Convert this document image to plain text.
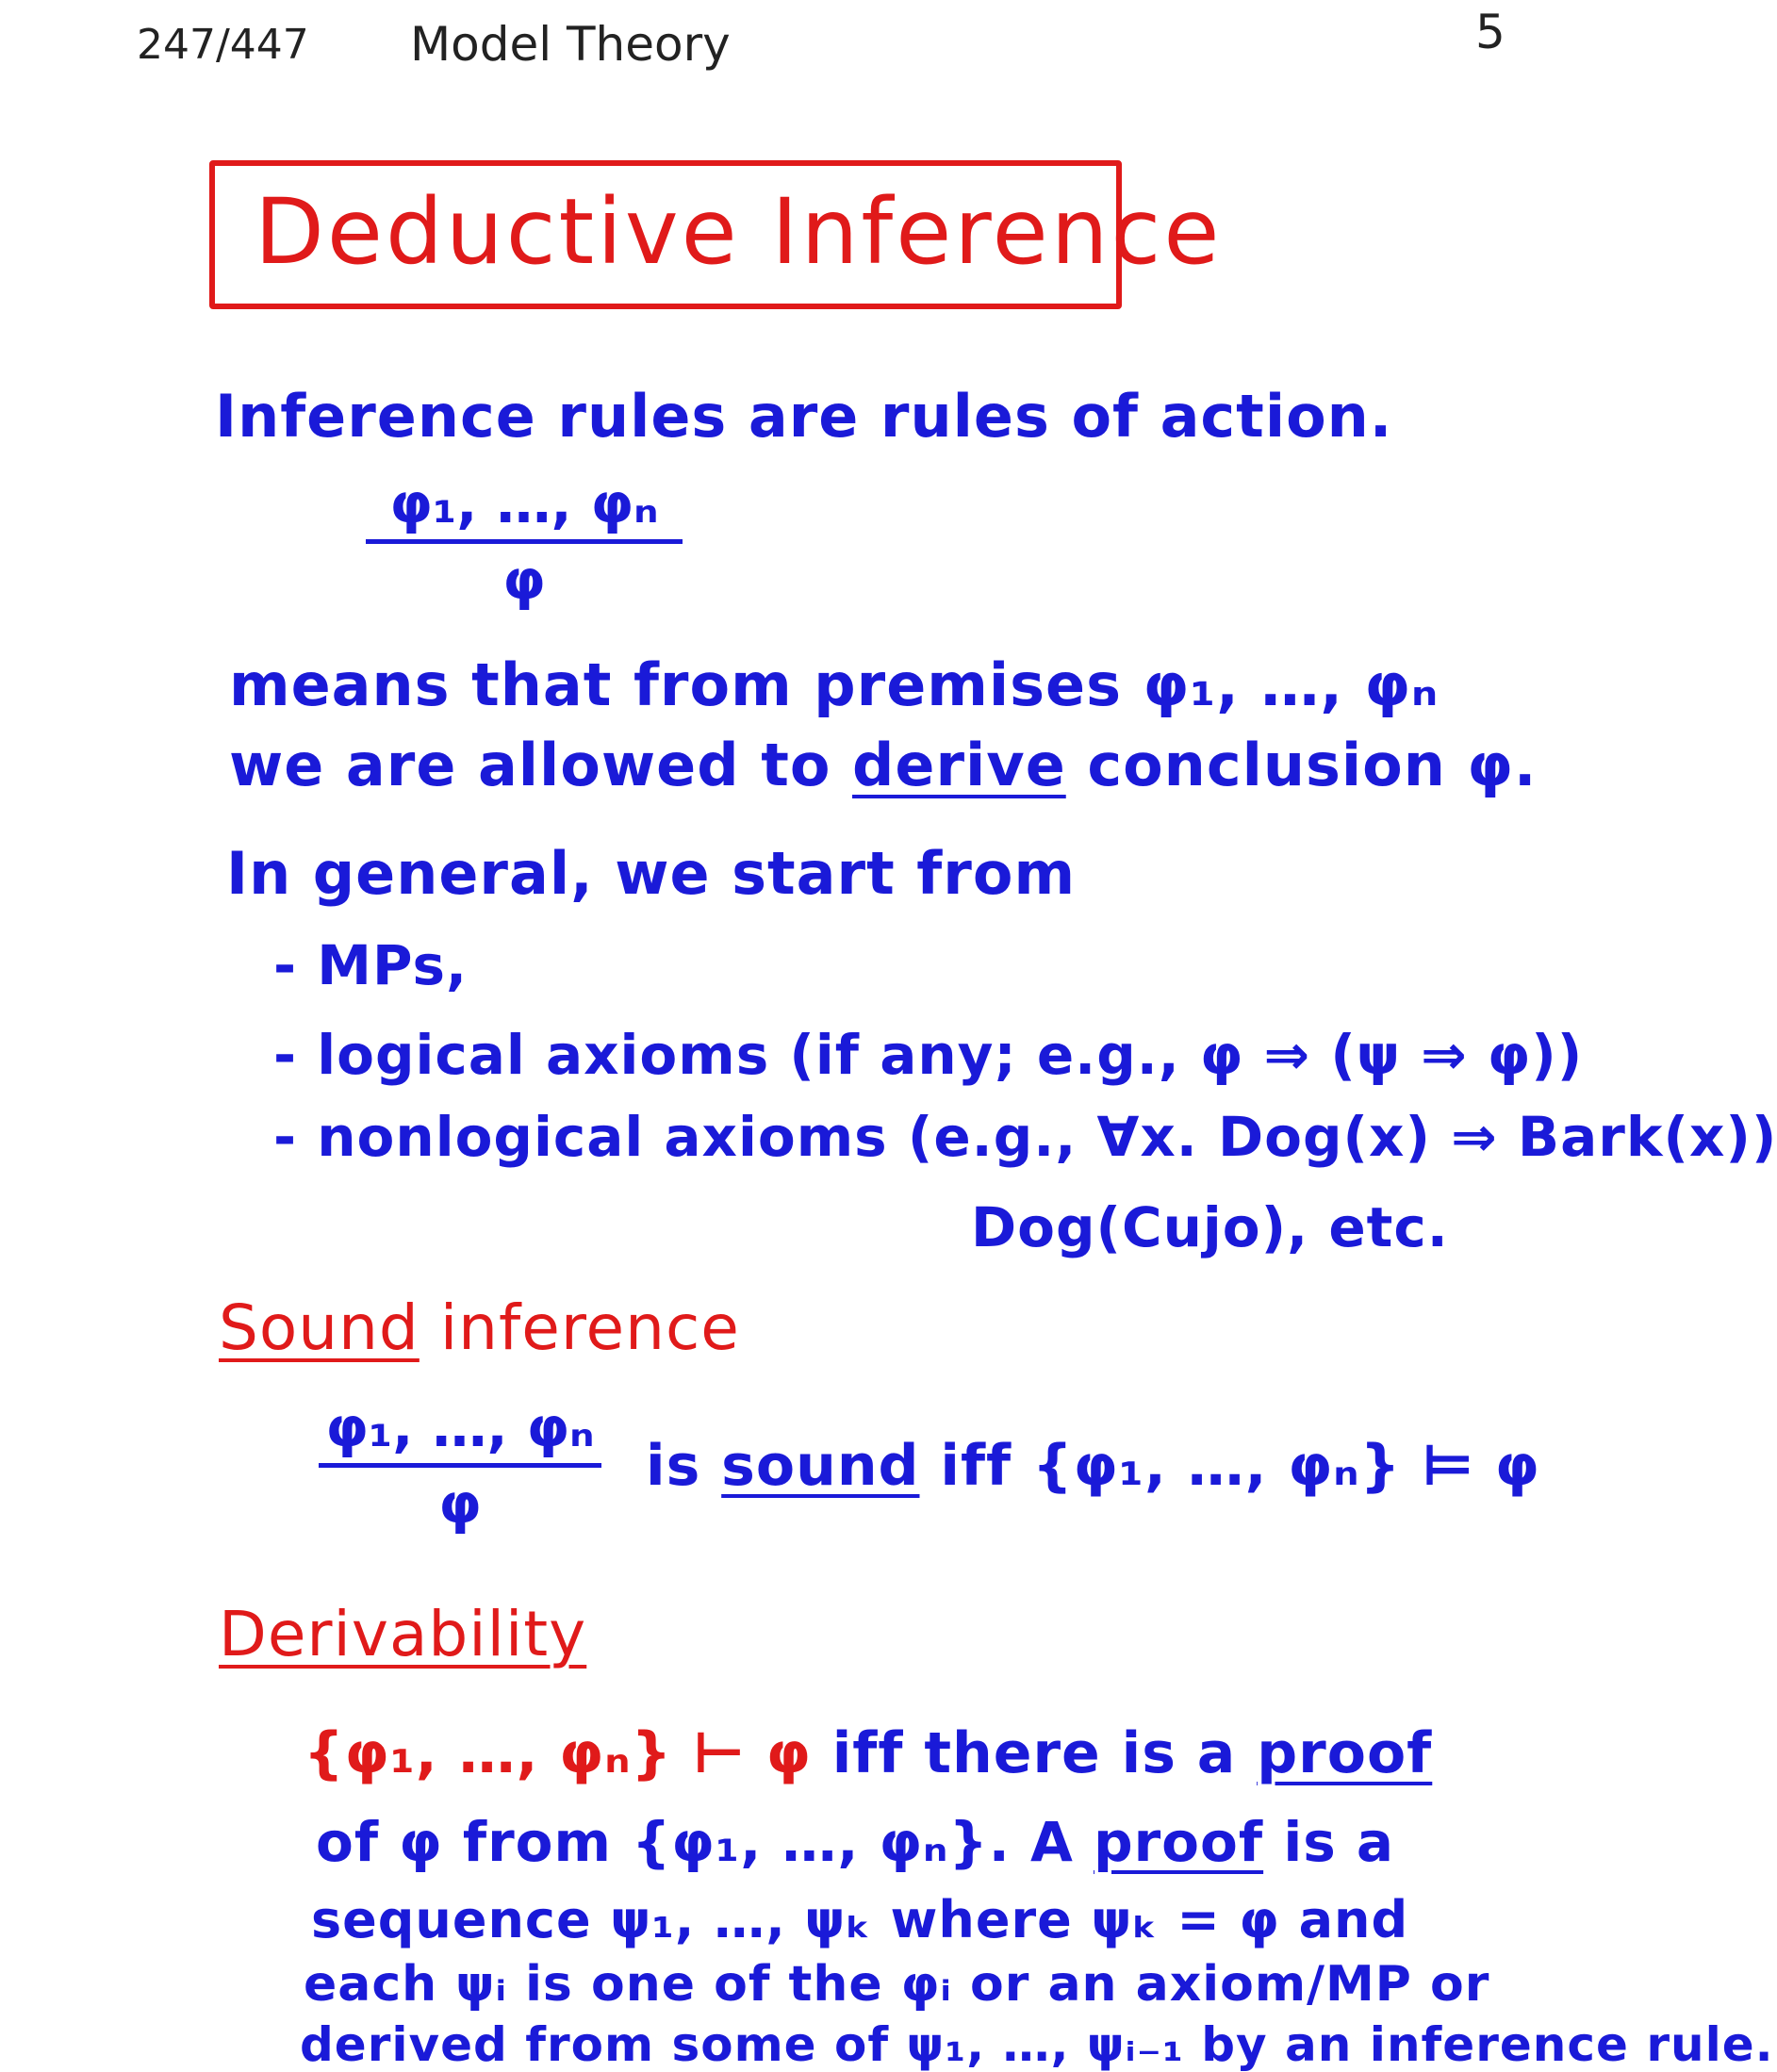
247/447 Model Theory	5
Deductive Inference
Inference rules are rules of action.
φ₁, …, φₙ
φ
means that from premises φ₁, …, φₙ
we are allowed to derive conclusion φ.
In general, we start from
- MPs,
- logical axioms (if any; e.g., φ ⇒ (ψ ⇒ φ))
- nonlogical axioms (e.g., ∀x. Dog(x) ⇒ Bark(x))
Dog(Cujo), etc.
Sound inference
φ₁, …, φₙ
φ
is sound iff {φ₁, …, φₙ} ⊨ φ
Derivability
{φ₁, …, φₙ} ⊢ φ iff there is a proof
of φ from {φ₁, …, φₙ}. A proof is a
sequence ψ₁, …, ψₖ where ψₖ = φ and
each ψᵢ is one of the φᵢ or an axiom/MP or
derived from some of ψ₁, …, ψᵢ₋₁ by an inference rule.
